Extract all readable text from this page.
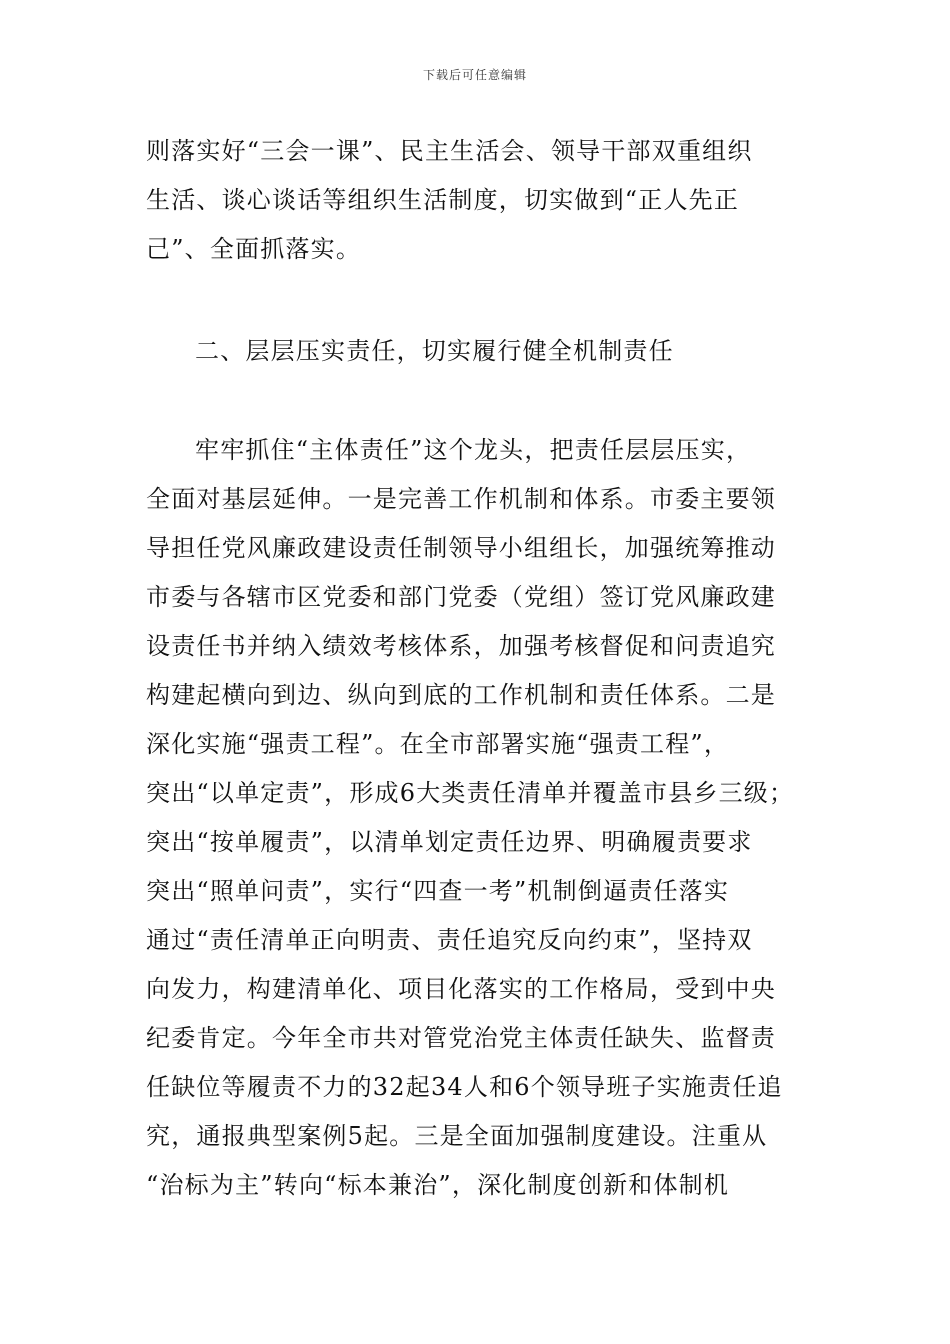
下载后可任意编辑
则落实好“三会一课”、民主生活会、领导干部双重组织
生活、谈心谈话等组织生活制度，切实做到“正人先正
己”、全面抓落实。
二、层层压实责任，切实履行健全机制责任
牢牢抓住“主体责任”这个龙头，把责任层层压实，
全面对基层延伸。一是完善工作机制和体系。市委主要领
导担任党风廉政建设责任制领导小组组长，加强统筹推动
市委与各辖市区党委和部门党委（党组）签订党风廉政建
设责任书并纳入绩效考核体系，加强考核督促和问责追究
构建起横向到边、纵向到底的工作机制和责任体系。二是
深化实施“强责工程”。在全市部署实施“强责工程”，
突出“以单定责”，形成6大类责任清单并覆盖市县乡三级；
突出“按单履责”，以清单划定责任边界、明确履责要求
突出“照单问责”，实行“四查一考”机制倒逼责任落实
通过“责任清单正向明责、责任追究反向约束”，坚持双
向发力，构建清单化、项目化落实的工作格局，受到中央
纪委肯定。今年全市共对管党治党主体责任缺失、监督责
任缺位等履责不力的32起34人和6个领导班子实施责任追
究，通报典型案例5起。三是全面加强制度建设。注重从
“治标为主”转向“标本兼治”，深化制度创新和体制机
